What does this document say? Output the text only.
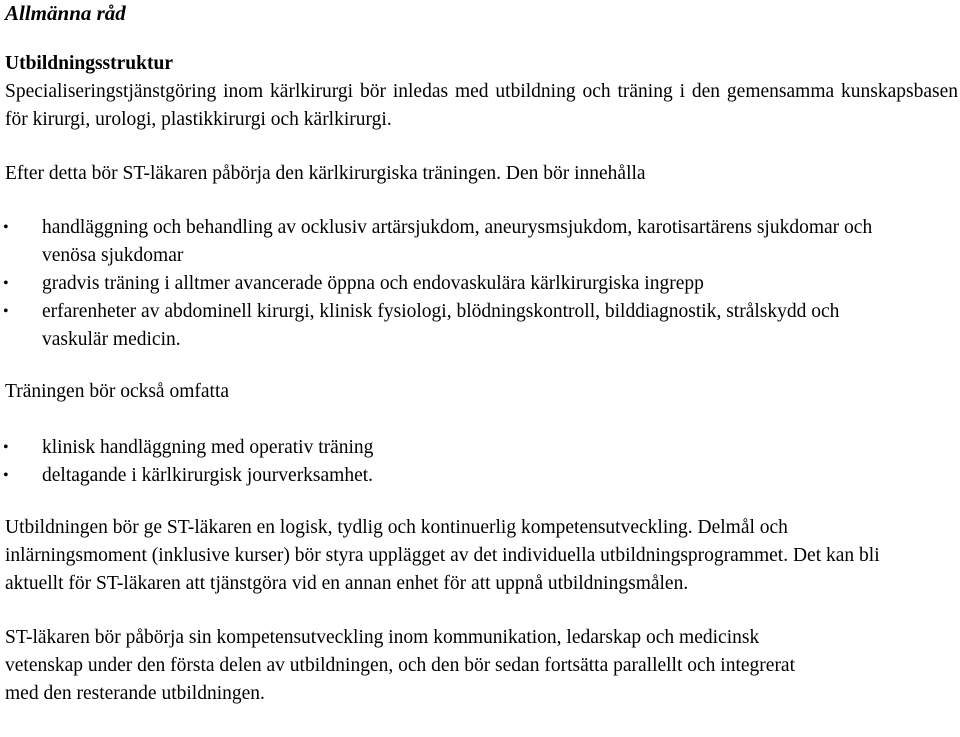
Allmänna råd

Utbildningsstruktur

Specialiseringstjänstgöring inom kärlkirurgi bör inledas med utbildning och träning i den gemensamma kunskapsbasen för kirurgi, urologi, plastikkirurgi och kärlkirurgi.

Efter detta bör ST-läkaren påbörja den kärlkirurgiska träningen. Den bör innehålla

• handläggning och behandling av ocklusiv artärsjukdom, aneurysmsjukdom, karotisartärens sjukdomar och venösa sjukdomar
• gradvis träning i alltmer avancerade öppna och endovaskulära kärlkirurgiska ingrepp
• erfarenheter av abdominell kirurgi, klinisk fysiologi, blödningskontroll, bilddiagnostik, strålskydd och vaskulär medicin.

Träningen bör också omfatta

• klinisk handläggning med operativ träning
• deltagande i kärlkirurgisk jourverksamhet.

Utbildningen bör ge ST-läkaren en logisk, tydlig och kontinuerlig kompetensutveckling. Delmål och inlärningsmoment (inklusive kurser) bör styra upplägget av det individuella utbildningsprogrammet. Det kan bli aktuellt för ST-läkaren att tjänstgöra vid en annan enhet för att uppnå utbildningsmålen.

ST-läkaren bör påbörja sin kompetensutveckling inom kommunikation, ledarskap och medicinsk vetenskap under den första delen av utbildningen, och den bör sedan fortsätta parallellt och integrerat med den resterande utbildningen.
